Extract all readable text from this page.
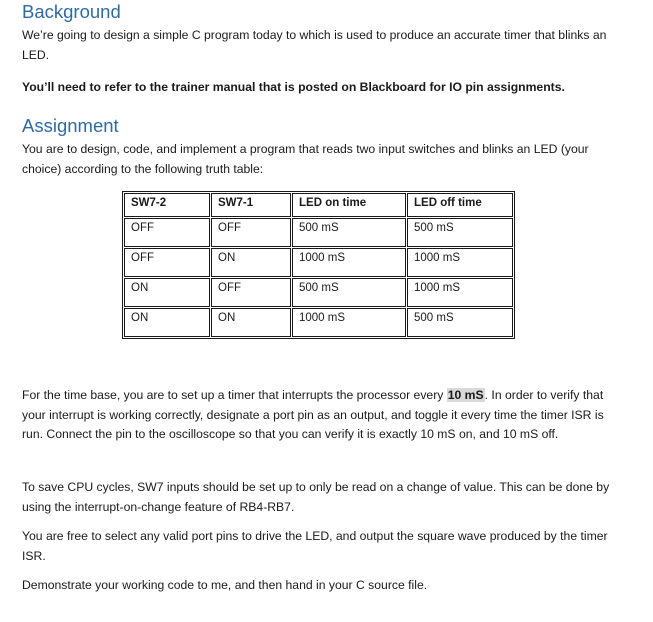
Background

We’re going to design a simple C program today to which is used to produce an accurate timer that blinks an LED.

You’ll need to refer to the trainer manual that is posted on Blackboard for IO pin assignments.

Assignment

You are to design, code, and implement a program that reads two input switches and blinks an LED (your choice) according to the following truth table:

SW7-2	SW7-1	LED on time	LED off time
OFF	OFF	500 mS	500 mS
OFF	ON	1000 mS	1000 mS
ON	OFF	500 mS	1000 mS
ON	ON	1000 mS	500 mS

For the time base, you are to set up a timer that interrupts the processor every 10 mS. In order to verify that your interrupt is working correctly, designate a port pin as an output, and toggle it every time the timer ISR is run. Connect the pin to the oscilloscope so that you can verify it is exactly 10 mS on, and 10 mS off.

To save CPU cycles, SW7 inputs should be set up to only be read on a change of value. This can be done by using the interrupt-on-change feature of RB4-RB7.

You are free to select any valid port pins to drive the LED, and output the square wave produced by the timer ISR.

Demonstrate your working code to me, and then hand in your C source file.
